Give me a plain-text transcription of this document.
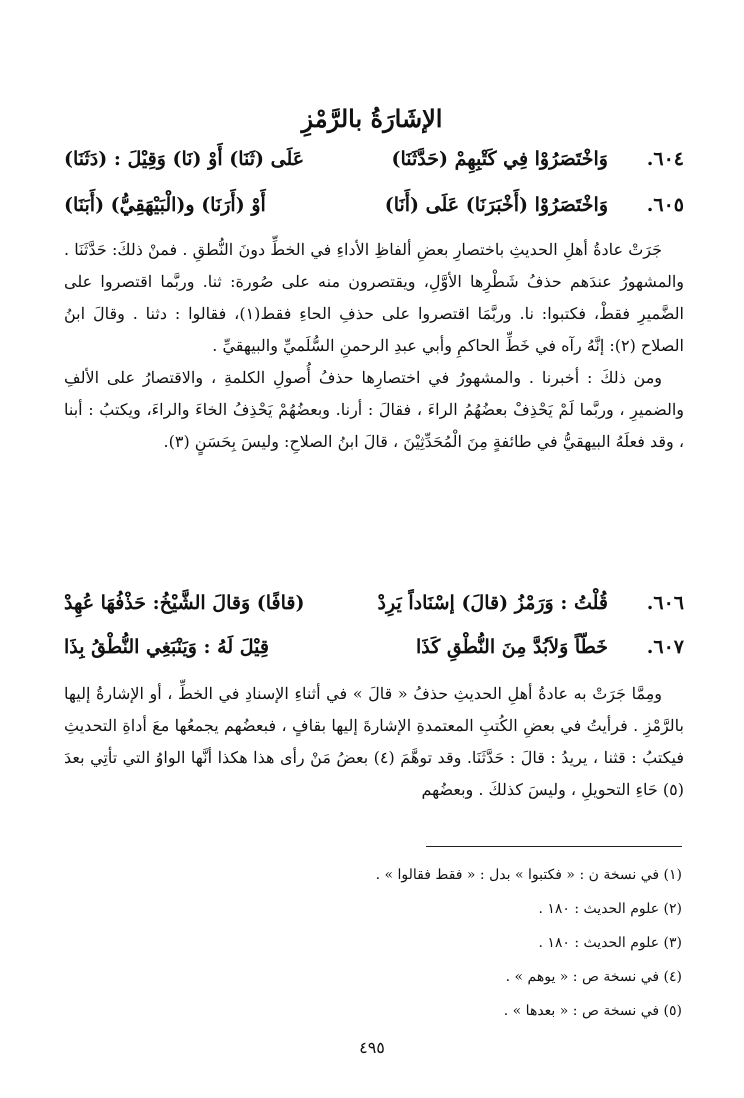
الإشَارَةُ بالرَّمْزِ
٦٠٤.
وَاخْتَصَرُوْا فِي كَتْبِهِمْ (حَدَّثَنَا)
عَلَى (ثَنَا) أَوْ (نَا) وَقِيْلَ : (دَثَنَا)
٦٠٥.
وَاخْتَصَرُوْا (أَخْبَرَنَا) عَلَى (أَنَا)
أَوْ (أَرَنَا) و(الْبَيْهَقِيُّ) (أَبَنَا)

جَرَتْ عادةُ أهلِ الحديثِ باختصارِ بعضِ ألفاظِ الأداءِ في الخطِّ دونَ النُّطقِ . فمنْ ذلكَ: حَدَّثَنَا . والمشهورُ عندَهم حذفُ شَطْرِها الأوَّلِ، ويقتصرون منه على صُورة: ثنا. وربَّما اقتصروا على الضَّميرِ فقطْ، فكتبوا: نا. وربَّمَا اقتصروا على حذفِ الحاءِ فقط(١)، فقالوا : دثنا . وقالَ ابنُ الصلاح (٢): إنَّهُ رآه في خَطِّ الحاكمِ وأبي عبدِ الرحمنِ السُّلَميِّ والبيهقيِّ .

ومن ذلكَ : أخبرنا . والمشهورُ في اختصارِها حذفُ أُصولِ الكلمةِ ، والاقتصارُ على الألفِ والضميرِ ، وربَّما لَمْ يَحْذِفْ بعضُهُمُ الراءَ ، فقالَ : أرنا. وبعضُهُمْ يَحْذِفُ الخاءَ والراءَ، ويكتبُ : أبنا ، وقد فعلَهُ البيهقيُّ في طائفةٍ مِنَ الْمُحَدِّثِيْنَ ، قالَ ابنُ الصلاحِ: وليسَ بِحَسَنٍ (٣).

٦٠٦.
قُلْتُ : وَرَمْزُ (قالَ) إسْنَاداً يَرِدْ
(قافًا) وَقالَ الشَّيْخُ: حَذْفُهَا عُهِدْ
٦٠٧.
خَطّاً وَلاَبُدَّ مِنَ النُّطْقِ كَذَا
قِيْلَ لَهُ : وَيَنْبَغِي النُّطْقُ بِذَا

ومِمَّا جَرَتْ به عادةُ أهلِ الحديثِ حذفُ « قالَ » في أثناءِ الإسنادِ في الخطِّ ، أو الإشارةُ إليها بالرَّمْزِ . فرأيتُ في بعضِ الكُتبِ المعتمدةِ الإشارةَ إليها بقافٍ ، فبعضُهم يجمعُها معَ أداةِ التحديثِ فيكتبُ : قثنا ، يريدُ : قالَ : حَدَّثَنَا. وقد توهَّمَ (٤) بعضُ مَنْ رأى هذا هكذا أنَّها الواوُ التي تأتِي بعدَ (٥) حَاءِ التحويلِ ، وليسَ كذلكَ . وبعضُهم

(١) في نسخة ن : « فكتبوا » بدل : « فقط فقالوا » .

(٢) علوم الحديث : ١٨٠ .

(٣) علوم الحديث : ١٨٠ .

(٤) في نسخة ص : « يوهم » .

(٥) في نسخة ص : « بعدها » .

٤٩٥
